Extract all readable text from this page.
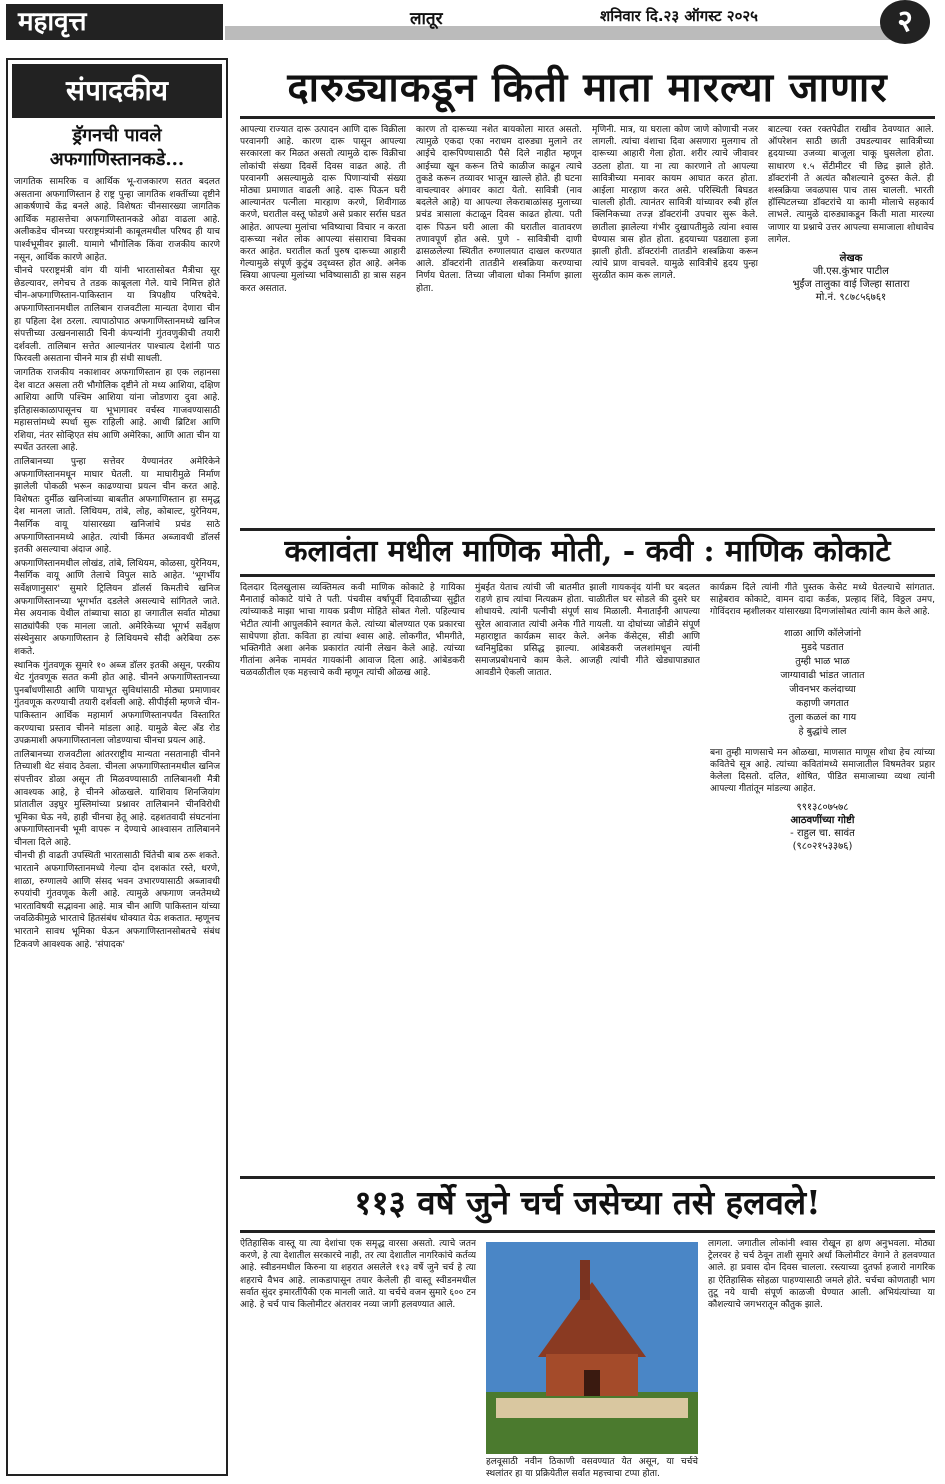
महावृत्त	लातूर	शनिवार दि.२३ ऑगस्ट २०२५	२
संपादकीय
ड्रॅगनची पावले अफगाणिस्तानकडे...

जागतिक सामरिक व आर्थिक भू-राजकारण सतत बदलत असताना अफगाणिस्तान हे राष्ट्र पुन्हा जागतिक शक्तींच्या दृष्टीने आकर्षणाचे केंद्र बनले आहे. विशेषतः चीनसारख्या जागतिक आर्थिक महासत्तेचा अफगाणिस्तानकडे ओढा वाढला आहे. अलीकडेच चीनच्या परराष्ट्रमंत्र्यांनी काबूलमधील परिषद ही याच पार्श्वभूमीवर झाली. यामागे भौगोलिक किंवा राजकीय कारणे नसून, आर्थिक कारणे आहेत.

चीनचे परराष्ट्रमंत्री वांग यी यांनी भारतासोबत मैत्रीचा सूर छेडल्यावर, लगेचच ते तडक काबूलला गेले. याचे निमित्त होते चीन-अफगाणिस्तान-पाकिस्तान या त्रिपक्षीय परिषदेचे. अफगाणिस्तानमधील तालिबान राजवटीला मान्यता देणारा चीन हा पहिला देश ठरला. त्यापाठोपाठ अफगाणिस्तानमध्ये खनिज संपत्तीच्या उत्खननासाठी चिनी कंपन्यांनी गुंतवणुकीची तयारी दर्शवली. तालिबान सत्तेत आल्यानंतर पाश्चात्य देशांनी पाठ फिरवली असताना चीनने मात्र ही संधी साधली.

जागतिक राजकीय नकाशावर अफगाणिस्तान हा एक लहानसा देश वाटत असला तरी भौगोलिक दृष्टीने तो मध्य आशिया, दक्षिण आशिया आणि पश्चिम आशिया यांना जोडणारा दुवा आहे. इतिहासकाळापासूनच या भूभागावर वर्चस्व गाजवण्यासाठी महासत्तांमध्ये स्पर्धा सुरू राहिली आहे. आधी ब्रिटिश आणि रशिया, नंतर सोव्हिएत संघ आणि अमेरिका, आणि आता चीन या स्पर्धेत उतरला आहे.

तालिबानच्या पुन्हा सत्तेवर येण्यानंतर अमेरिकेने अफगाणिस्तानमधून माघार घेतली. या माघारीमुळे निर्माण झालेली पोकळी भरून काढण्याचा प्रयत्न चीन करत आहे. विशेषतः दुर्मीळ खनिजांच्या बाबतीत अफगाणिस्तान हा समृद्ध देश मानला जातो. लिथियम, तांबे, लोह, कोबाल्ट, युरेनियम, नैसर्गिक वायू यांसारख्या खनिजांचे प्रचंड साठे अफगाणिस्तानमध्ये आहेत. त्यांची किंमत अब्जावधी डॉलर्स इतकी असल्याचा अंदाज आहे.

अफगाणिस्तानमधील लोखंड, तांबे, लिथियम, कोळसा, युरेनियम, नैसर्गिक वायू आणि तेलाचे विपुल साठे आहेत. 'भूगर्भीय सर्वेक्षणानुसार' सुमारे ट्रिलियन डॉलर्स किमतीचे खनिज अफगाणिस्तानच्या भूगर्भात दडलेले असल्याचे सांगितले जाते. मेस अयनाक येथील तांब्याचा साठा हा जगातील सर्वात मोठ्या साठ्यांपैकी एक मानला जातो. अमेरिकेच्या भूगर्भ सर्वेक्षण संस्थेनुसार अफगाणिस्तान हे लिथियमचे सौदी अरेबिया ठरू शकते.

स्थानिक गुंतवणूक सुमारे १० अब्ज डॉलर इतकी असून, परकीय थेट गुंतवणूक सतत कमी होत आहे. चीनने अफगाणिस्तानच्या पुनर्बांधणीसाठी आणि पायाभूत सुविधांसाठी मोठ्या प्रमाणावर गुंतवणूक करण्याची तयारी दर्शवली आहे. सीपीईसी म्हणजे चीन-पाकिस्तान आर्थिक महामार्ग अफगाणिस्तानपर्यंत विस्तारित करण्याचा प्रस्ताव चीनने मांडला आहे. यामुळे बेल्ट अँड रोड उपक्रमाशी अफगाणिस्तानला जोडण्याचा चीनचा प्रयत्न आहे.

तालिबानच्या राजवटीला आंतरराष्ट्रीय मान्यता नसतानाही चीनने तिच्याशी थेट संवाद ठेवला. चीनला अफगाणिस्तानमधील खनिज संपत्तीवर डोळा असून ती मिळवण्यासाठी तालिबानशी मैत्री आवश्यक आहे, हे चीनने ओळखले. याशिवाय शिनजियांग प्रांतातील उइघुर मुस्लिमांच्या प्रश्नावर तालिबानने चीनविरोधी भूमिका घेऊ नये, हाही चीनचा हेतू आहे. दहशतवादी संघटनांना अफगाणिस्तानची भूमी वापरू न देण्याचे आश्वासन तालिबानने चीनला दिले आहे.

चीनची ही वाढती उपस्थिती भारतासाठी चिंतेची बाब ठरू शकते. भारताने अफगाणिस्तानमध्ये गेल्या दोन दशकांत रस्ते, धरणे, शाळा, रुग्णालये आणि संसद भवन उभारण्यासाठी अब्जावधी रुपयांची गुंतवणूक केली आहे. त्यामुळे अफगाण जनतेमध्ये भारताविषयी सद्भावना आहे. मात्र चीन आणि पाकिस्तान यांच्या जवळिकीमुळे भारताचे हितसंबंध धोक्यात येऊ शकतात. म्हणूनच भारताने सावध भूमिका घेऊन अफगाणिस्तानसोबतचे संबंध टिकवणे आवश्यक आहे. 'संपादक'

दारुड्याकडून किती माता मारल्या जाणार

आपल्या राज्यात दारू उत्पादन आणि दारू विक्रीला परवानगी आहे. कारण दारू पासून आपल्या सरकारला कर मिळत असतो त्यामुळे दारू विक्रीचा लोकांची संख्या दिवसें दिवस वाढत आहे. ती परवानगी असल्यामुळे दारू पिणाऱ्यांची संख्या मोठ्या प्रमाणात वाढली आहे. दारू पिऊन घरी आल्यानंतर पत्नीला मारहाण करणे, शिवीगाळ करणे, घरातील वस्तू फोडणे असे प्रकार सर्रास घडत आहेत. आपल्या मुलांचा भविष्याचा विचार न करता दारूच्या नशेत लोक आपल्या संसाराचा विचका करत आहेत. घरातील कर्ता पुरुष दारूच्या आहारी गेल्यामुळे संपूर्ण कुटुंब उद्ध्वस्त होत आहे. अनेक स्त्रिया आपल्या मुलांच्या भविष्यासाठी हा त्रास सहन करत असतात.

कारण तो दारूच्या नशेत बायकोला मारत असतो. त्यामुळे एकदा एका नराधम दारुड्या मुलाने तर आईचे दारूपिण्यासाठी पैसे दिले नाहीत म्हणून आईच्या खून करून तिचे काळीज काढून त्याचे तुकडे करून तव्यावर भाजून खाल्ले होते. ही घटना वाचल्यावर अंगावर काटा येतो. सावित्री (नाव बदलेले आहे) या आपल्या लेकराबाळांसह मुलाच्या प्रचंड त्रासाला कंटाळून दिवस काढत होत्या. पती दारू पिऊन घरी आला की घरातील वातावरण तणावपूर्ण होत असे. पुणे - सावित्रीची दाणी ढासळलेल्या स्थितीत रुग्णालयात दाखल करण्यात आले. डॉक्टरांनी तातडीने शस्त्रक्रिया करण्याचा निर्णय घेतला. तिच्या जीवाला धोका निर्माण झाला होता.

मृणिनी. मात्र, या घराला कोण जाणे कोणाची नजर लागली. त्यांचा वंशाचा दिवा असणारा मुलगाच तो दारूच्या आहारी गेला होता. शरीर त्याचे जीवावर उठला होता. या ना त्या कारणाने तो आपल्या सावित्रीच्या मनावर कायम आघात करत होता. आईला मारहाण करत असे. परिस्थिती बिघडत चालली होती. त्यानंतर सावित्री यांच्यावर रुबी हॉल क्लिनिकच्या तज्ज्ञ डॉक्टरांनी उपचार सुरू केले. छातीला झालेल्या गंभीर दुखापतीमुळे त्यांना श्वास घेण्यास त्रास होत होता. हृदयाच्या पडद्याला इजा झाली होती. डॉक्टरांनी तातडीने शस्त्रक्रिया करून त्यांचे प्राण वाचवले. यामुळे सावित्रीचे हृदय पुन्हा सुरळीत काम करू लागले.

बाटल्या रक्त रक्तपेढीत राखीव ठेवण्यात आले. ऑपरेशन साठी छाती उघडल्यावर सावित्रीच्या हृदयाच्या उजव्या बाजूला चाकू घुसलेला होता. साधारण १.५ सेंटीमीटर ची छिद्र झाले होते. डॉक्टरांनी ते अत्यंत कौशल्याने दुरुस्त केले. ही शस्त्रक्रिया जवळपास पाच तास चालली. भारती हॉस्पिटलच्या डॉक्टरांचे या कामी मोलाचे सहकार्य लाभले. त्यामुळे दारुड्याकडून किती माता मारल्या जाणार या प्रश्नाचे उत्तर आपल्या समाजाला शोधावेच लागेल.

लेखक
जी.एस.कुंभार पाटील
भुईंज तालुका वाई जिल्हा सातारा
मो.नं. ९८७८५६७६१
कलावंता मधील माणिक मोती, - कवी : माणिक कोकाटे

दिलदार दिलखुलास व्यक्तिमत्व कवी माणिक कोकाटे हे गायिका मैनाताई कोकाटे यांचे ते पती. पंचवीस वर्षापूर्वी दिवाळीच्या सुट्टीत त्यांच्याकडे माझा भाचा गायक प्रवीण मोहिते सोबत गेलो. पहिल्याच भेटीत त्यांनी आपुलकीने स्वागत केले. त्यांच्या बोलण्यात एक प्रकारचा साधेपणा होता. कविता हा त्यांचा श्वास आहे. लोकगीत, भीमगीते, भक्तिगीते अशा अनेक प्रकारांत त्यांनी लेखन केले आहे. त्यांच्या गीतांना अनेक नामवंत गायकांनी आवाज दिला आहे. आंबेडकरी चळवळीतील एक महत्त्वाचे कवी म्हणून त्यांची ओळख आहे.

मुंबईत येताच त्यांची जी बातमीत झाली गायकवृंद यांनी घर बदलत राहणे हाच त्यांचा नित्यक्रम होता. चाळीतील घर सोडले की दुसरे घर शोधायचे. त्यांनी पत्नीची संपूर्ण साथ मिळाली. मैनाताईंनी आपल्या सुरेल आवाजात त्यांची अनेक गीते गायली. या दोघांच्या जोडीने संपूर्ण महाराष्ट्रात कार्यक्रम सादर केले. अनेक कॅसेट्स, सीडी आणि ध्वनिमुद्रिका प्रसिद्ध झाल्या. आंबेडकरी जलशांमधून त्यांनी समाजप्रबोधनाचे काम केले. आजही त्यांची गीते खेड्यापाड्यात आवडीने ऐकली जातात.

कार्यक्रम दिले त्यांनी गीते पुस्तक केसेट मध्ये घेतल्याचे सांगतात. साहेबराव कोकाटे, वामन दादा कर्डक, प्रल्हाद शिंदे, विठ्ठल उमप, गोविंदराव म्हशीलकर यांसारख्या दिग्गजांसोबत त्यांनी काम केले आहे.

शाळा आणि कॉलेजांनो
मुडदे पडतात
तुम्ही भाळ भाळ
जाग्यावाढी भांडत जातात
जीवनभर कलंदाच्या
कहाणी जगतात
तुला कळलं का गाय
हे बुद्धांचे लाल

बना तुम्ही माणसाचे मन ओळखा, माणसात माणूस शोधा हेच त्यांच्या कवितेचे सूत्र आहे. त्यांच्या कवितांमध्ये समाजातील विषमतेवर प्रहार केलेला दिसतो. दलित, शोषित, पीडित समाजाच्या व्यथा त्यांनी आपल्या गीतांतून मांडल्या आहेत.

९९१३८०७५७८
आठवणींच्या गोष्टी
- राहुल चा. सावंत
(९८०२१५३३७६)
११३ वर्षे जुने चर्च जसेच्या तसे हलवले!

ऐतिहासिक वास्तू या त्या देशांचा एक समृद्ध वारसा असतो. त्याचे जतन करणे, हे त्या देशातील सरकारचे नाही, तर त्या देशातील नागरिकांचे कर्तव्य आहे. स्वीडनमधील किरुना या शहरात असलेले ११३ वर्षे जुने चर्च हे त्या शहराचे वैभव आहे. लाकडापासून तयार केलेली ही वास्तू स्वीडनमधील सर्वात सुंदर इमारतींपैकी एक मानली जाते. या चर्चचे वजन सुमारे ६०० टन आहे. हे चर्च पाच किलोमीटर अंतरावर नव्या जागी हलवण्यात आले.

हलवूसाठी नवीन ठिकाणी वसवण्यात येत असून, या चर्चचे स्थलांतर हा या प्रक्रियेतील सर्वात महत्त्वाचा टप्पा होता.

लागला. जगातील लोकांनी श्वास रोखून हा क्षण अनुभवला. मोठ्या ट्रेलरवर हे चर्च ठेवून ताशी सुमारे अर्धा किलोमीटर वेगाने ते हलवण्यात आले. हा प्रवास दोन दिवस चालला. रस्त्याच्या दुतर्फा हजारो नागरिक हा ऐतिहासिक सोहळा पाहण्यासाठी जमले होते. चर्चचा कोणताही भाग तुटू नये याची संपूर्ण काळजी घेण्यात आली. अभियंत्यांच्या या कौशल्याचे जगभरातून कौतुक झाले.
